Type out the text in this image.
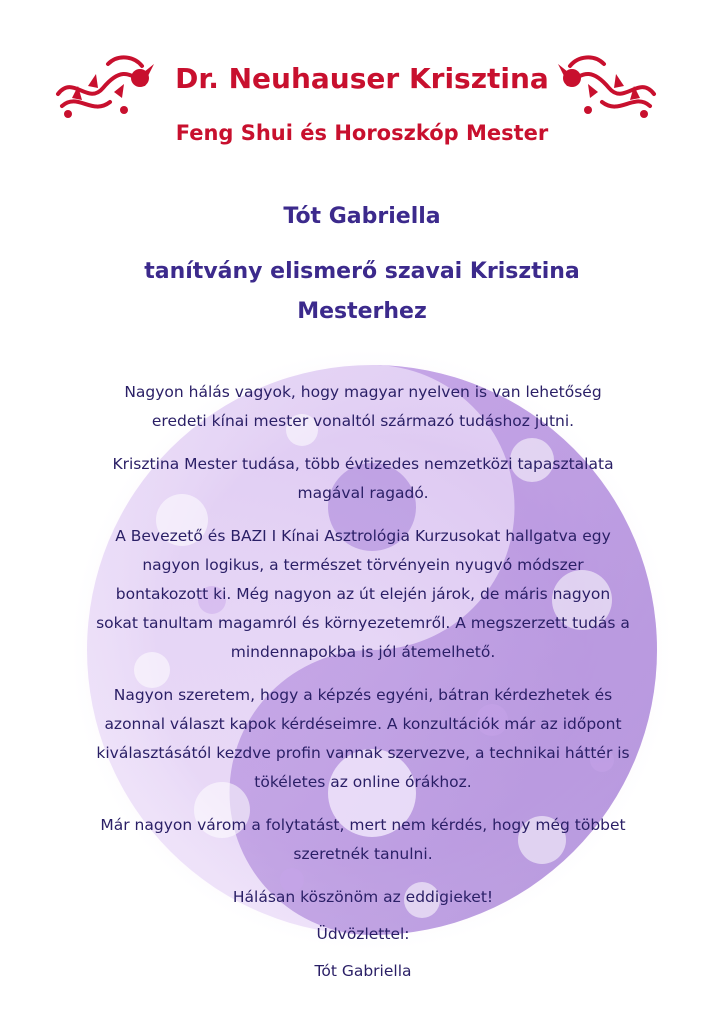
Dr. Neuhauser Krisztina
Feng Shui és Horoszkóp Mester
Tót Gabriella
tanítvány elismerő szavai Krisztina Mesterhez

Nagyon hálás vagyok, hogy magyar nyelven is van lehetőség eredeti kínai mester vonaltól származó tudáshoz jutni.

Krisztina Mester tudása, több évtizedes nemzetközi tapasztalata magával ragadó.

A Bevezető és BAZI I Kínai Asztrológia Kurzusokat hallgatva egy nagyon logikus, a természet törvényein nyugvó módszer bontakozott ki. Még nagyon az út elején járok, de máris nagyon sokat tanultam magamról és környezetemről. A megszerzett tudás a mindennapokba is jól átemelhető.

Nagyon szeretem, hogy a képzés egyéni, bátran kérdezhetek és azonnal választ kapok kérdéseimre. A konzultációk már az időpont kiválasztásától kezdve profin vannak szervezve, a technikai háttér is tökéletes az online órákhoz.

Már nagyon várom a folytatást, mert nem kérdés, hogy még többet szeretnék tanulni.

Hálásan köszönöm az eddigieket!

Üdvözlettel:

Tót Gabriella
